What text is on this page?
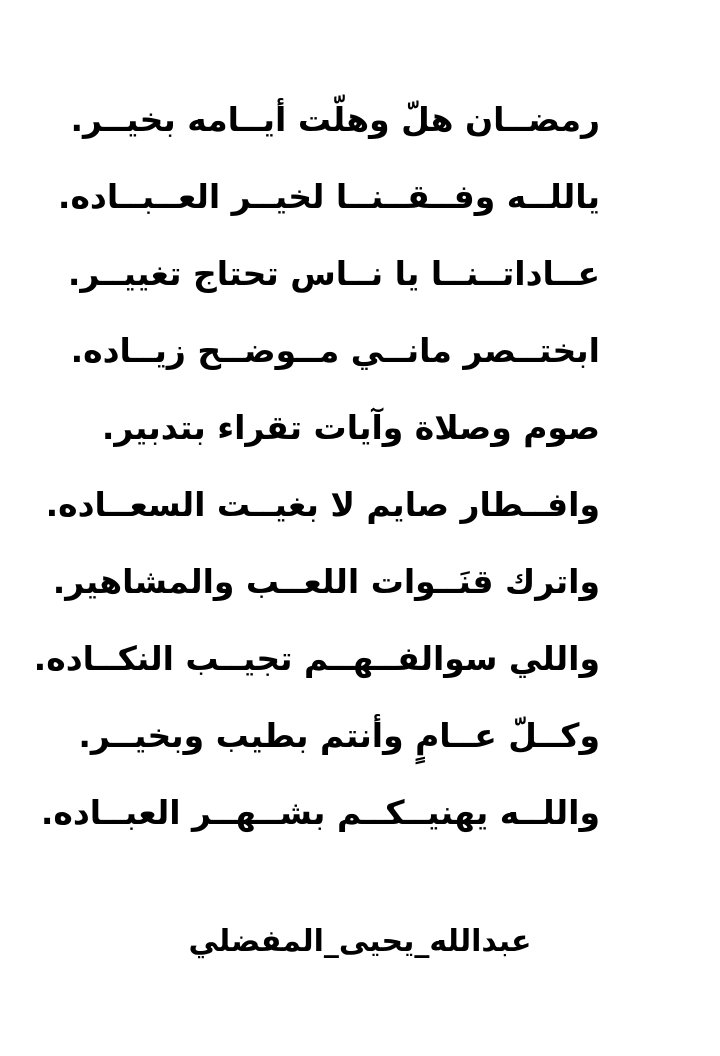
رمضــان هلّ وهلّت أيــامه بخيــر.
ياللــه وفــقــنــا لخيــر العــبــاده.
عــاداتــنــا يا نــاس تحتاج تغييــر.
ابختــصر مانــي مــوضــح زيــاده.
صوم وصلاة وآيات تقراء بتدبير.
وافــطار صايم لا بغيــت السعــاده.
واترك قنَــوات اللعــب والمشاهير.
واللي سوالفــهــم تجيــب النكــاده.
وكــلّ عــامٍ وأنتم بطيب وبخيــر.
واللــه يهنيــكــم بشــهــر العبــاده.
عبدالله_يحيى_المفضلي
